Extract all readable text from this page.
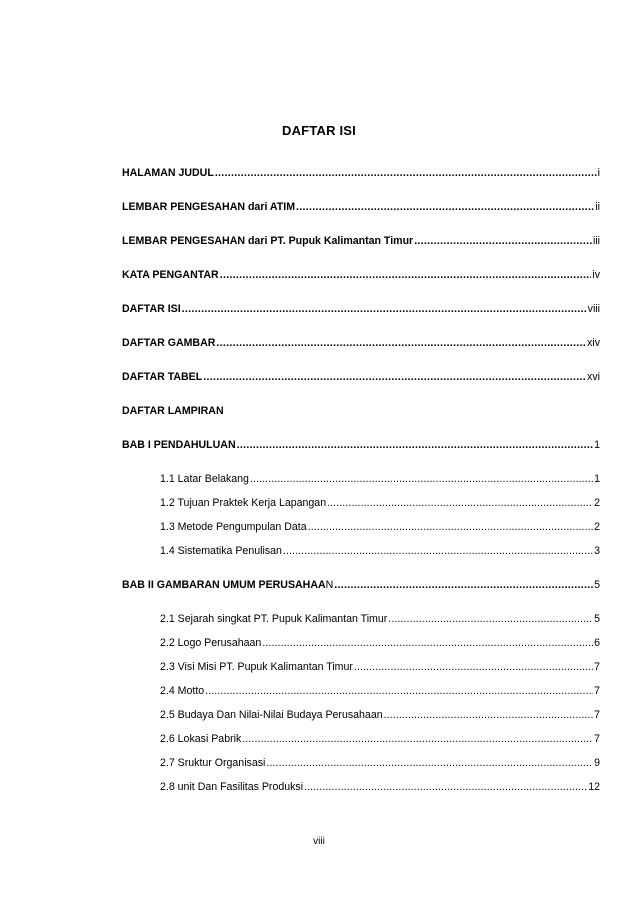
DAFTAR ISI
HALAMAN JUDUL .....	i
LEMBAR PENGESAHAN dari ATIM .....	ii
LEMBAR PENGESAHAN dari PT. Pupuk Kalimantan Timur .....	iii
KATA PENGANTAR .....	iv
DAFTAR ISI .....	viii
DAFTAR GAMBAR .....	xiv
DAFTAR TABEL .....	xvi
DAFTAR LAMPIRAN
BAB I PENDAHULUAN .....	1
1.1 Latar Belakang .....	1
1.2 Tujuan Praktek Kerja Lapangan .....	2
1.3 Metode Pengumpulan Data .....	2
1.4 Sistematika Penulisan .....	3
BAB II GAMBARAN UMUM PERUSAHAAN .....	5
2.1 Sejarah singkat PT. Pupuk Kalimantan Timur .....	5
2.2 Logo Perusahaan .....	6
2.3 Visi Misi PT. Pupuk Kalimantan Timur .....	7
2.4 Motto .....	7
2.5 Budaya Dan Nilai-Nilai Budaya Perusahaan .....	7
2.6 Lokasi Pabrik .....	7
2.7 Sruktur Organisasi .....	9
2.8 unit Dan Fasilitas Produksi .....	12
viii
